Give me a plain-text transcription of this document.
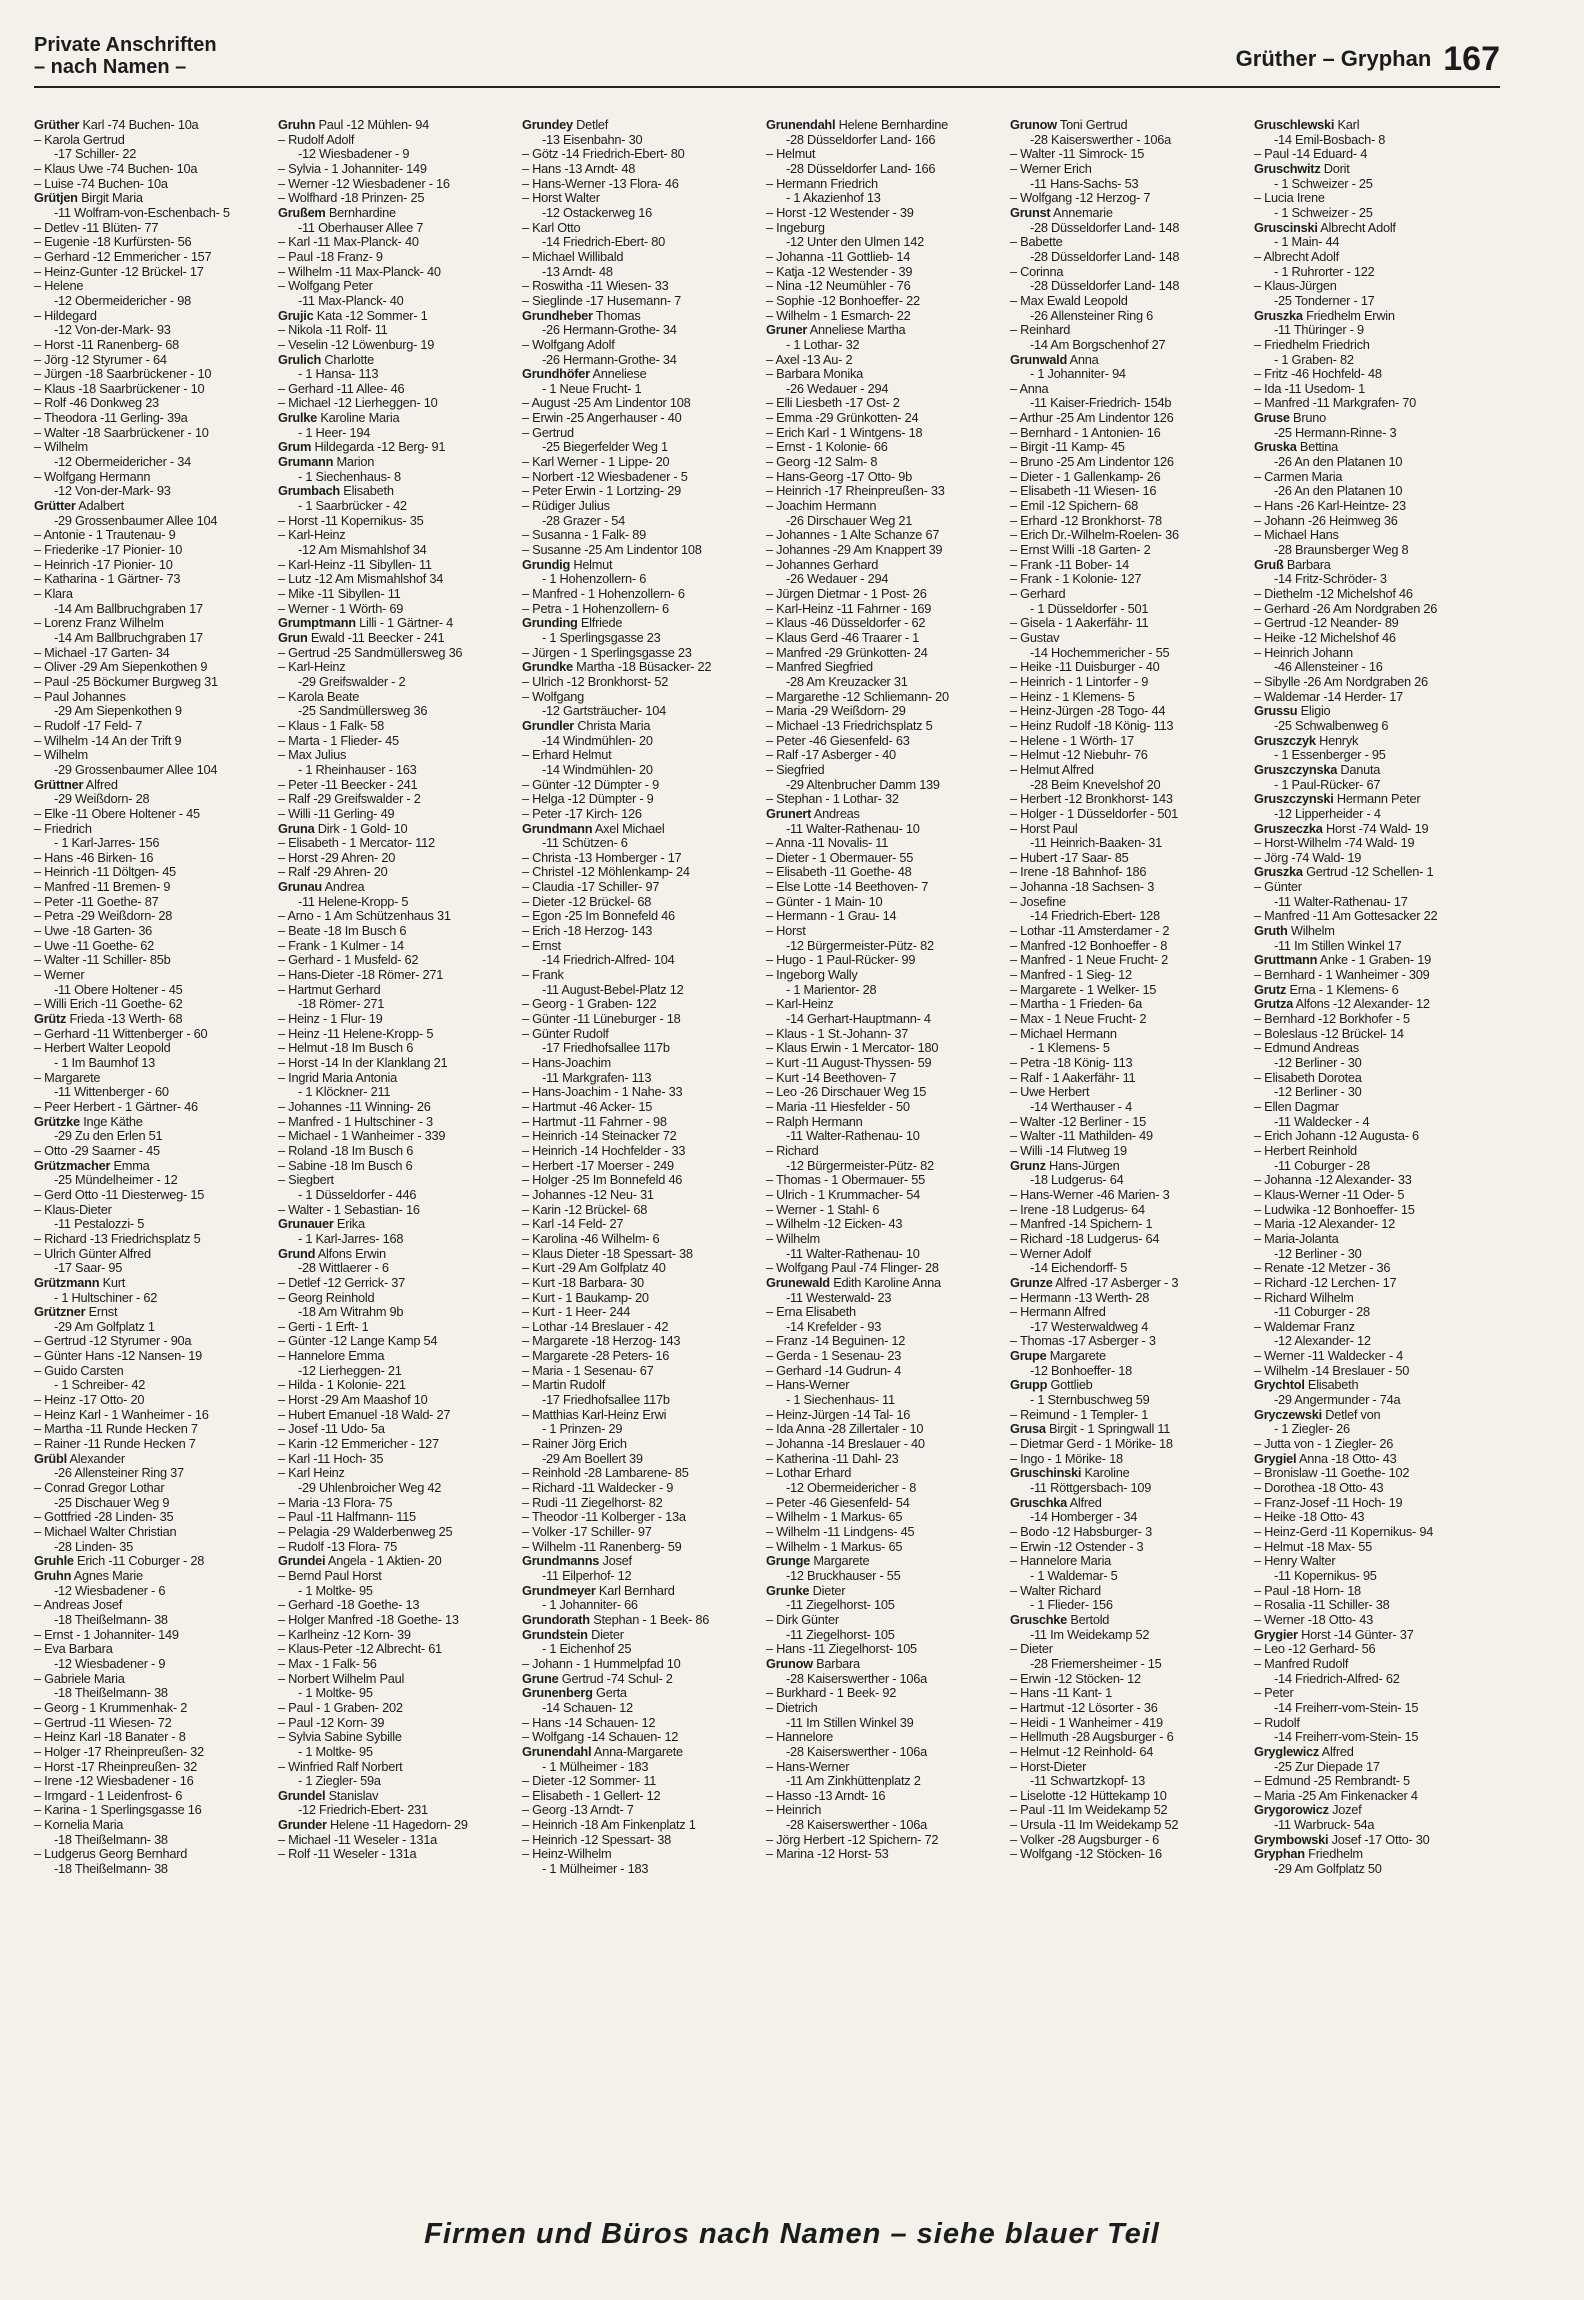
Private Anschriften
– nach Namen –	Grüther – Gryphan 167
Grüther Karl -74 Buchen- 10a
– Karola Gertrud
-17 Schiller- 22
– Klaus Uwe -74 Buchen- 10a
– Luise -74 Buchen- 10a
Grütjen Birgit Maria
-11 Wolfram-von-Eschenbach- 5
– Detlev -11 Blüten- 77
– Eugenie -18 Kurfürsten- 56
– Gerhard -12 Emmericher - 157
– Heinz-Gunter -12 Brückel- 17
– Helene
-12 Obermeidericher - 98
– Hildegard
-12 Von-der-Mark- 93
– Horst -11 Ranenberg- 68
– Jörg -12 Styrumer - 64
– Jürgen -18 Saarbrückener - 10
– Klaus -18 Saarbrückener - 10
– Rolf -46 Donkweg 23
– Theodora -11 Gerling- 39a
– Walter -18 Saarbrückener - 10
– Wilhelm
-12 Obermeidericher - 34
– Wolfgang Hermann
-12 Von-der-Mark- 93
Grütter Adalbert
-29 Grossenbaumer Allee 104
– Antonie - 1 Trautenau- 9
– Friederike -17 Pionier- 10
– Heinrich -17 Pionier- 10
– Katharina - 1 Gärtner- 73
– Klara
-14 Am Ballbruchgraben 17
– Lorenz Franz Wilhelm
-14 Am Ballbruchgraben 17
– Michael -17 Garten- 34
– Oliver -29 Am Siepenkothen 9
– Paul -25 Böckumer Burgweg 31
– Paul Johannes
-29 Am Siepenkothen 9
– Rudolf -17 Feld- 7
– Wilhelm -14 An der Trift 9
– Wilhelm
-29 Grossenbaumer Allee 104
Grüttner Alfred
-29 Weißdorn- 28
– Elke -11 Obere Holtener - 45
– Friedrich
- 1 Karl-Jarres- 156
– Hans -46 Birken- 16
– Heinrich -11 Döltgen- 45
– Manfred -11 Bremen- 9
– Peter -11 Goethe- 87
– Petra -29 Weißdorn- 28
– Uwe -18 Garten- 36
– Uwe -11 Goethe- 62
– Walter -11 Schiller- 85b
– Werner
-11 Obere Holtener - 45
– Willi Erich -11 Goethe- 62
Grütz Frieda -13 Werth- 68
– Gerhard -11 Wittenberger - 60
– Herbert Walter Leopold
- 1 Im Baumhof 13
– Margarete
-11 Wittenberger - 60
– Peer Herbert - 1 Gärtner- 46
Grützke Inge Käthe
-29 Zu den Erlen 51
– Otto -29 Saarner - 45
Grützmacher Emma
-25 Mündelheimer - 12
– Gerd Otto -11 Diesterweg- 15
– Klaus-Dieter
-11 Pestalozzi- 5
– Richard -13 Friedrichsplatz 5
– Ulrich Günter Alfred
-17 Saar- 95
Grützmann Kurt
- 1 Hultschiner - 62
Grützner Ernst
-29 Am Golfplatz 1
– Gertrud -12 Styrumer - 90a
– Günter Hans -12 Nansen- 19
– Guido Carsten
- 1 Schreiber- 42
– Heinz -17 Otto- 20
– Heinz Karl - 1 Wanheimer - 16
– Martha -11 Runde Hecken 7
– Rainer -11 Runde Hecken 7
Grübl Alexander
-26 Allensteiner Ring 37
– Conrad Gregor Lothar
-25 Dischauer Weg 9
– Gottfried -28 Linden- 35
– Michael Walter Christian
-28 Linden- 35
Gruhle Erich -11 Coburger - 28
Gruhn Agnes Marie
-12 Wiesbadener - 6
– Andreas Josef
-18 Theißelmann- 38
– Ernst - 1 Johanniter- 149
– Eva Barbara
-12 Wiesbadener - 9
– Gabriele Maria
-18 Theißelmann- 38
– Georg - 1 Krummenhak- 2
– Gertrud -11 Wiesen- 72
– Heinz Karl -18 Banater - 8
– Holger -17 Rheinpreußen- 32
– Horst -17 Rheinpreußen- 32
– Irene -12 Wiesbadener - 16
– Irmgard - 1 Leidenfrost- 6
– Karina - 1 Sperlingsgasse 16
– Kornelia Maria
-18 Theißelmann- 38
– Ludgerus Georg Bernhard
-18 Theißelmann- 38
Gruhn Paul -12 Mühlen- 94
– Rudolf Adolf
-12 Wiesbadener - 9
– Sylvia - 1 Johanniter- 149
– Werner -12 Wiesbadener - 16
– Wolfhard -18 Prinzen- 25
Grußem Bernhardine
-11 Oberhauser Allee 7
– Karl -11 Max-Planck- 40
– Paul -18 Franz- 9
– Wilhelm -11 Max-Planck- 40
– Wolfgang Peter
-11 Max-Planck- 40
Grujic Kata -12 Sommer- 1
– Nikola -11 Rolf- 11
– Veselin -12 Löwenburg- 19
Grulich Charlotte
- 1 Hansa- 113
– Gerhard -11 Allee- 46
– Michael -12 Lierheggen- 10
Grulke Karoline Maria
- 1 Heer- 194
Grum Hildegarda -12 Berg- 91
Grumann Marion
- 1 Siechenhaus- 8
Grumbach Elisabeth
- 1 Saarbrücker - 42
– Horst -11 Kopernikus- 35
– Karl-Heinz
-12 Am Mismahlshof 34
– Karl-Heinz -11 Sibyllen- 11
– Lutz -12 Am Mismahlshof 34
– Mike -11 Sibyllen- 11
– Werner - 1 Wörth- 69
Grumptmann Lilli - 1 Gärtner- 4
Grun Ewald -11 Beecker - 241
– Gertrud -25 Sandmüllersweg 36
– Karl-Heinz
-29 Greifswalder - 2
– Karola Beate
-25 Sandmüllersweg 36
– Klaus - 1 Falk- 58
– Marta - 1 Flieder- 45
– Max Julius
- 1 Rheinhauser - 163
– Peter -11 Beecker - 241
– Ralf -29 Greifswalder - 2
– Willi -11 Gerling- 49
Gruna Dirk - 1 Gold- 10
– Elisabeth - 1 Mercator- 112
– Horst -29 Ahren- 20
– Ralf -29 Ahren- 20
Grunau Andrea
-11 Helene-Kropp- 5
– Arno - 1 Am Schützenhaus 31
– Beate -18 Im Busch 6
– Frank - 1 Kulmer - 14
– Gerhard - 1 Musfeld- 62
– Hans-Dieter -18 Römer- 271
– Hartmut Gerhard
-18 Römer- 271
– Heinz - 1 Flur- 19
– Heinz -11 Helene-Kropp- 5
– Helmut -18 Im Busch 6
– Horst -14 In der Klanklang 21
– Ingrid Maria Antonia
- 1 Klöckner- 211
– Johannes -11 Winning- 26
– Manfred - 1 Hultschiner - 3
– Michael - 1 Wanheimer - 339
– Roland -18 Im Busch 6
– Sabine -18 Im Busch 6
– Siegbert
- 1 Düsseldorfer - 446
– Walter - 1 Sebastian- 16
Grunauer Erika
- 1 Karl-Jarres- 168
Grund Alfons Erwin
-28 Wittlaerer - 6
– Detlef -12 Gerrick- 37
– Georg Reinhold
-18 Am Witrahm 9b
– Gerti - 1 Erft- 1
– Günter -12 Lange Kamp 54
– Hannelore Emma
-12 Lierheggen- 21
– Hilda - 1 Kolonie- 221
– Horst -29 Am Maashof 10
– Hubert Emanuel -18 Wald- 27
– Josef -11 Udo- 5a
– Karin -12 Emmericher - 127
– Karl -11 Hoch- 35
– Karl Heinz
-29 Uhlenbroicher Weg 42
– Maria -13 Flora- 75
– Paul -11 Halfmann- 115
– Pelagia -29 Walderbenweg 25
– Rudolf -13 Flora- 75
Grundei Angela - 1 Aktien- 20
– Bernd Paul Horst
- 1 Moltke- 95
– Gerhard -18 Goethe- 13
– Holger Manfred -18 Goethe- 13
– Karlheinz -12 Korn- 39
– Klaus-Peter -12 Albrecht- 61
– Max - 1 Falk- 56
– Norbert Wilhelm Paul
- 1 Moltke- 95
– Paul - 1 Graben- 202
– Paul -12 Korn- 39
– Sylvia Sabine Sybille
- 1 Moltke- 95
– Winfried Ralf Norbert
- 1 Ziegler- 59a
Grundel Stanislav
-12 Friedrich-Ebert- 231
Grunder Helene -11 Hagedorn- 29
– Michael -11 Weseler - 131a
– Rolf -11 Weseler - 131a
Grundey Detlef
-13 Eisenbahn- 30
– Götz -14 Friedrich-Ebert- 80
– Hans -13 Arndt- 48
– Hans-Werner -13 Flora- 46
– Horst Walter
-12 Ostackerweg 16
– Karl Otto
-14 Friedrich-Ebert- 80
– Michael Willibald
-13 Arndt- 48
– Roswitha -11 Wiesen- 33
– Sieglinde -17 Husemann- 7
Grundheber Thomas
-26 Hermann-Grothe- 34
– Wolfgang Adolf
-26 Hermann-Grothe- 34
Grundhöfer Anneliese
- 1 Neue Frucht- 1
– August -25 Am Lindentor 108
– Erwin -25 Angerhauser - 40
– Gertrud
-25 Biegerfelder Weg 1
– Karl Werner - 1 Lippe- 20
– Norbert -12 Wiesbadener - 5
– Peter Erwin - 1 Lortzing- 29
– Rüdiger Julius
-28 Grazer - 54
– Susanna - 1 Falk- 89
– Susanne -25 Am Lindentor 108
Grundig Helmut
- 1 Hohenzollern- 6
– Manfred - 1 Hohenzollern- 6
– Petra - 1 Hohenzollern- 6
Grunding Elfriede
- 1 Sperlingsgasse 23
– Jürgen - 1 Sperlingsgasse 23
Grundke Martha -18 Büsacker- 22
– Ulrich -12 Bronkhorst- 52
– Wolfgang
-12 Gartsträucher- 104
Grundler Christa Maria
-14 Windmühlen- 20
– Erhard Helmut
-14 Windmühlen- 20
– Günter -12 Dümpter - 9
– Helga -12 Dümpter - 9
– Peter -17 Kirch- 126
Grundmann Axel Michael
-11 Schützen- 6
– Christa -13 Homberger - 17
– Christel -12 Möhlenkamp- 24
– Claudia -17 Schiller- 97
– Dieter -12 Brückel- 68
– Egon -25 Im Bonnefeld 46
– Erich -18 Herzog- 143
– Ernst
-14 Friedrich-Alfred- 104
– Frank
-11 August-Bebel-Platz 12
– Georg - 1 Graben- 122
– Günter -11 Lüneburger - 18
– Günter Rudolf
-17 Friedhofsallee 117b
– Hans-Joachim
-11 Markgrafen- 113
– Hans-Joachim - 1 Nahe- 33
– Hartmut -46 Acker- 15
– Hartmut -11 Fahrner - 98
– Heinrich -14 Steinacker 72
– Heinrich -14 Hochfelder - 33
– Herbert -17 Moerser - 249
– Holger -25 Im Bonnefeld 46
– Johannes -12 Neu- 31
– Karin -12 Brückel- 68
– Karl -14 Feld- 27
– Karolina -46 Wilhelm- 6
– Klaus Dieter -18 Spessart- 38
– Kurt -29 Am Golfplatz 40
– Kurt -18 Barbara- 30
– Kurt - 1 Baukamp- 20
– Kurt - 1 Heer- 244
– Lothar -14 Breslauer - 42
– Margarete -18 Herzog- 143
– Margarete -28 Peters- 16
– Maria - 1 Sesenau- 67
– Martin Rudolf
-17 Friedhofsallee 117b
– Matthias Karl-Heinz Erwi
- 1 Prinzen- 29
– Rainer Jörg Erich
-29 Am Boellert 39
– Reinhold -28 Lambarene- 85
– Richard -11 Waldecker - 9
– Rudi -11 Ziegelhorst- 82
– Theodor -11 Kolberger - 13a
– Volker -17 Schiller- 97
– Wilhelm -11 Ranenberg- 59
Grundmanns Josef
-11 Eilperhof- 12
Grundmeyer Karl Bernhard
- 1 Johanniter- 66
Grundorath Stephan - 1 Beek- 86
Grundstein Dieter
- 1 Eichenhof 25
– Johann - 1 Hummelpfad 10
Grune Gertrud -74 Schul- 2
Grunenberg Gerta
-14 Schauen- 12
– Hans -14 Schauen- 12
– Wolfgang -14 Schauen- 12
Grunendahl Anna-Margarete
- 1 Mülheimer - 183
– Dieter -12 Sommer- 11
– Elisabeth - 1 Gellert- 12
– Georg -13 Arndt- 7
– Heinrich -18 Am Finkenplatz 1
– Heinrich -12 Spessart- 38
– Heinz-Wilhelm
- 1 Mülheimer - 183
Grunendahl Helene Bernhardine
-28 Düsseldorfer Land- 166
– Helmut
-28 Düsseldorfer Land- 166
– Hermann Friedrich
- 1 Akazienhof 13
– Horst -12 Westender - 39
– Ingeburg
-12 Unter den Ulmen 142
– Johanna -11 Gottlieb- 14
– Katja -12 Westender - 39
– Nina -12 Neumühler - 76
– Sophie -12 Bonhoeffer- 22
– Wilhelm - 1 Esmarch- 22
Gruner Anneliese Martha
- 1 Lothar- 32
– Axel -13 Au- 2
– Barbara Monika
-26 Wedauer - 294
– Elli Liesbeth -17 Ost- 2
– Emma -29 Grünkotten- 24
– Erich Karl - 1 Wintgens- 18
– Ernst - 1 Kolonie- 66
– Georg -12 Salm- 8
– Hans-Georg -17 Otto- 9b
– Heinrich -17 Rheinpreußen- 33
– Joachim Hermann
-26 Dirschauer Weg 21
– Johannes - 1 Alte Schanze 67
– Johannes -29 Am Knappert 39
– Johannes Gerhard
-26 Wedauer - 294
– Jürgen Dietmar - 1 Post- 26
– Karl-Heinz -11 Fahrner - 169
– Klaus -46 Düsseldorfer - 62
– Klaus Gerd -46 Traarer - 1
– Manfred -29 Grünkotten- 24
– Manfred Siegfried
-28 Am Kreuzacker 31
– Margarethe -12 Schliemann- 20
– Maria -29 Weißdorn- 29
– Michael -13 Friedrichsplatz 5
– Peter -46 Giesenfeld- 63
– Ralf -17 Asberger - 40
– Siegfried
-29 Altenbrucher Damm 139
– Stephan - 1 Lothar- 32
Grunert Andreas
-11 Walter-Rathenau- 10
– Anna -11 Novalis- 11
– Dieter - 1 Obermauer- 55
– Elisabeth -11 Goethe- 48
– Else Lotte -14 Beethoven- 7
– Günter - 1 Main- 10
– Hermann - 1 Grau- 14
– Horst
-12 Bürgermeister-Pütz- 82
– Hugo - 1 Paul-Rücker- 99
– Ingeborg Wally
- 1 Marientor- 28
– Karl-Heinz
-14 Gerhart-Hauptmann- 4
– Klaus - 1 St.-Johann- 37
– Klaus Erwin - 1 Mercator- 180
– Kurt -11 August-Thyssen- 59
– Kurt -14 Beethoven- 7
– Leo -26 Dirschauer Weg 15
– Maria -11 Hiesfelder - 50
– Ralph Hermann
-11 Walter-Rathenau- 10
– Richard
-12 Bürgermeister-Pütz- 82
– Thomas - 1 Obermauer- 55
– Ulrich - 1 Krummacher- 54
– Werner - 1 Stahl- 6
– Wilhelm -12 Eicken- 43
– Wilhelm
-11 Walter-Rathenau- 10
– Wolfgang Paul -74 Flinger- 28
Grunewald Edith Karoline Anna
-11 Westerwald- 23
– Erna Elisabeth
-14 Krefelder - 93
– Franz -14 Beguinen- 12
– Gerda - 1 Sesenau- 23
– Gerhard -14 Gudrun- 4
– Hans-Werner
- 1 Siechenhaus- 11
– Heinz-Jürgen -14 Tal- 16
– Ida Anna -28 Zillertaler - 10
– Johanna -14 Breslauer - 40
– Katherina -11 Dahl- 23
– Lothar Erhard
-12 Obermeidericher - 8
– Peter -46 Giesenfeld- 54
– Wilhelm - 1 Markus- 65
– Wilhelm -11 Lindgens- 45
– Wilhelm - 1 Markus- 65
Grunge Margarete
-12 Bruckhauser - 55
Grunke Dieter
-11 Ziegelhorst- 105
– Dirk Günter
-11 Ziegelhorst- 105
– Hans -11 Ziegelhorst- 105
Grunow Barbara
-28 Kaiserswerther - 106a
– Burkhard - 1 Beek- 92
– Dietrich
-11 Im Stillen Winkel 39
– Hannelore
-28 Kaiserswerther - 106a
– Hans-Werner
-11 Am Zinkhüttenplatz 2
– Hasso -13 Arndt- 16
– Heinrich
-28 Kaiserswerther - 106a
– Jörg Herbert -12 Spichern- 72
– Marina -12 Horst- 53
Grunow Toni Gertrud
-28 Kaiserswerther - 106a
– Walter -11 Simrock- 15
– Werner Erich
-11 Hans-Sachs- 53
– Wolfgang -12 Herzog- 7
Grunst Annemarie
-28 Düsseldorfer Land- 148
– Babette
-28 Düsseldorfer Land- 148
– Corinna
-28 Düsseldorfer Land- 148
– Max Ewald Leopold
-26 Allensteiner Ring 6
– Reinhard
-14 Am Borgschenhof 27
Grunwald Anna
- 1 Johanniter- 94
– Anna
-11 Kaiser-Friedrich- 154b
– Arthur -25 Am Lindentor 126
– Bernhard - 1 Antonien- 16
– Birgit -11 Kamp- 45
– Bruno -25 Am Lindentor 126
– Dieter - 1 Gallenkamp- 26
– Elisabeth -11 Wiesen- 16
– Emil -12 Spichern- 68
– Erhard -12 Bronkhorst- 78
– Erich Dr.-Wilhelm-Roelen- 36
– Ernst Willi -18 Garten- 2
– Frank -11 Bober- 14
– Frank - 1 Kolonie- 127
– Gerhard
- 1 Düsseldorfer - 501
– Gisela - 1 Aakerfähr- 11
– Gustav
-14 Hochemmericher - 55
– Heike -11 Duisburger - 40
– Heinrich - 1 Lintorfer - 9
– Heinz - 1 Klemens- 5
– Heinz-Jürgen -28 Togo- 44
– Heinz Rudolf -18 König- 113
– Helene - 1 Wörth- 17
– Helmut -12 Niebuhr- 76
– Helmut Alfred
-28 Beim Knevelshof 20
– Herbert -12 Bronkhorst- 143
– Holger - 1 Düsseldorfer - 501
– Horst Paul
-11 Heinrich-Baaken- 31
– Hubert -17 Saar- 85
– Irene -18 Bahnhof- 186
– Johanna -18 Sachsen- 3
– Josefine
-14 Friedrich-Ebert- 128
– Lothar -11 Amsterdamer - 2
– Manfred -12 Bonhoeffer - 8
– Manfred - 1 Neue Frucht- 2
– Manfred - 1 Sieg- 12
– Margarete - 1 Welker- 15
– Martha - 1 Frieden- 6a
– Max - 1 Neue Frucht- 2
– Michael Hermann
- 1 Klemens- 5
– Petra -18 König- 113
– Ralf - 1 Aakerfähr- 11
– Uwe Herbert
-14 Werthauser - 4
– Walter -12 Berliner - 15
– Walter -11 Mathilden- 49
– Willi -14 Flutweg 19
Grunz Hans-Jürgen
-18 Ludgerus- 64
– Hans-Werner -46 Marien- 3
– Irene -18 Ludgerus- 64
– Manfred -14 Spichern- 1
– Richard -18 Ludgerus- 64
– Werner Adolf
-14 Eichendorff- 5
Grunze Alfred -17 Asberger - 3
– Hermann -13 Werth- 28
– Hermann Alfred
-17 Westerwaldweg 4
– Thomas -17 Asberger - 3
Grupe Margarete
-12 Bonhoeffer- 18
Grupp Gottlieb
- 1 Sternbuschweg 59
– Reimund - 1 Templer- 1
Grusa Birgit - 1 Springwall 11
– Dietmar Gerd - 1 Mörike- 18
– Ingo - 1 Mörike- 18
Gruschinski Karoline
-11 Röttgersbach- 109
Gruschka Alfred
-14 Homberger - 34
– Bodo -12 Habsburger- 3
– Erwin -12 Ostender - 3
– Hannelore Maria
- 1 Waldemar- 5
– Walter Richard
- 1 Flieder- 156
Gruschke Bertold
-11 Im Weidekamp 52
– Dieter
-28 Friemersheimer - 15
– Erwin -12 Stöcken- 12
– Hans -11 Kant- 1
– Hartmut -12 Lösorter - 36
– Heidi - 1 Wanheimer - 419
– Hellmuth -28 Augsburger - 6
– Helmut -12 Reinhold- 64
– Horst-Dieter
-11 Schwartzkopf- 13
– Liselotte -12 Hüttekamp 10
– Paul -11 Im Weidekamp 52
– Ursula -11 Im Weidekamp 52
– Volker -28 Augsburger - 6
– Wolfgang -12 Stöcken- 16
Gruschlewski Karl
-14 Emil-Bosbach- 8
– Paul -14 Eduard- 4
Gruschwitz Dorit
- 1 Schweizer - 25
– Lucia Irene
- 1 Schweizer - 25
Gruscinski Albrecht Adolf
- 1 Main- 44
– Albrecht Adolf
- 1 Ruhrorter - 122
– Klaus-Jürgen
-25 Tonderner - 17
Gruszka Friedhelm Erwin
-11 Thüringer - 9
– Friedhelm Friedrich
- 1 Graben- 82
– Fritz -46 Hochfeld- 48
– Ida -11 Usedom- 1
– Manfred -11 Markgrafen- 70
Gruse Bruno
-25 Hermann-Rinne- 3
Gruska Bettina
-26 An den Platanen 10
– Carmen Maria
-26 An den Platanen 10
– Hans -26 Karl-Heintze- 23
– Johann -26 Heimweg 36
– Michael Hans
-28 Braunsberger Weg 8
Gruß Barbara
-14 Fritz-Schröder- 3
– Diethelm -12 Michelshof 46
– Gerhard -26 Am Nordgraben 26
– Gertrud -12 Neander- 89
– Heike -12 Michelshof 46
– Heinrich Johann
-46 Allensteiner - 16
– Sibylle -26 Am Nordgraben 26
– Waldemar -14 Herder- 17
Grussu Eligio
-25 Schwalbenweg 6
Gruszczyk Henryk
- 1 Essenberger - 95
Gruszczynska Danuta
- 1 Paul-Rücker- 67
Gruszczynski Hermann Peter
-12 Lipperheider - 4
Gruszeczka Horst -74 Wald- 19
– Horst-Wilhelm -74 Wald- 19
– Jörg -74 Wald- 19
Gruszka Gertrud -12 Schellen- 1
– Günter
-11 Walter-Rathenau- 17
– Manfred -11 Am Gottesacker 22
Gruth Wilhelm
-11 Im Stillen Winkel 17
Gruttmann Anke - 1 Graben- 19
– Bernhard - 1 Wanheimer - 309
Grutz Erna - 1 Klemens- 6
Grutza Alfons -12 Alexander- 12
– Bernhard -12 Borkhofer - 5
– Boleslaus -12 Brückel- 14
– Edmund Andreas
-12 Berliner - 30
– Elisabeth Dorotea
-12 Berliner - 30
– Ellen Dagmar
-11 Waldecker - 4
– Erich Johann -12 Augusta- 6
– Herbert Reinhold
-11 Coburger - 28
– Johanna -12 Alexander- 33
– Klaus-Werner -11 Oder- 5
– Ludwika -12 Bonhoeffer- 15
– Maria -12 Alexander- 12
– Maria-Jolanta
-12 Berliner - 30
– Renate -12 Metzer - 36
– Richard -12 Lerchen- 17
– Richard Wilhelm
-11 Coburger - 28
– Waldemar Franz
-12 Alexander- 12
– Werner -11 Waldecker - 4
– Wilhelm -14 Breslauer - 50
Grychtol Elisabeth
-29 Angermunder - 74a
Gryczewski Detlef von
- 1 Ziegler- 26
– Jutta von - 1 Ziegler- 26
Grygiel Anna -18 Otto- 43
– Bronislaw -11 Goethe- 102
– Dorothea -18 Otto- 43
– Franz-Josef -11 Hoch- 19
– Heike -18 Otto- 43
– Heinz-Gerd -11 Kopernikus- 94
– Helmut -18 Max- 55
– Henry Walter
-11 Kopernikus- 95
– Paul -18 Horn- 18
– Rosalia -11 Schiller- 38
– Werner -18 Otto- 43
Grygier Horst -14 Günter- 37
– Leo -12 Gerhard- 56
– Manfred Rudolf
-14 Friedrich-Alfred- 62
– Peter
-14 Freiherr-vom-Stein- 15
– Rudolf
-14 Freiherr-vom-Stein- 15
Gryglewicz Alfred
-25 Zur Diepade 17
– Edmund -25 Rembrandt- 5
– Maria -25 Am Finkenacker 4
Grygorowicz Jozef
-11 Warbruck- 54a
Grymbowski Josef -17 Otto- 30
Gryphan Friedhelm
-29 Am Golfplatz 50
Firmen und Büros nach Namen – siehe blauer Teil
